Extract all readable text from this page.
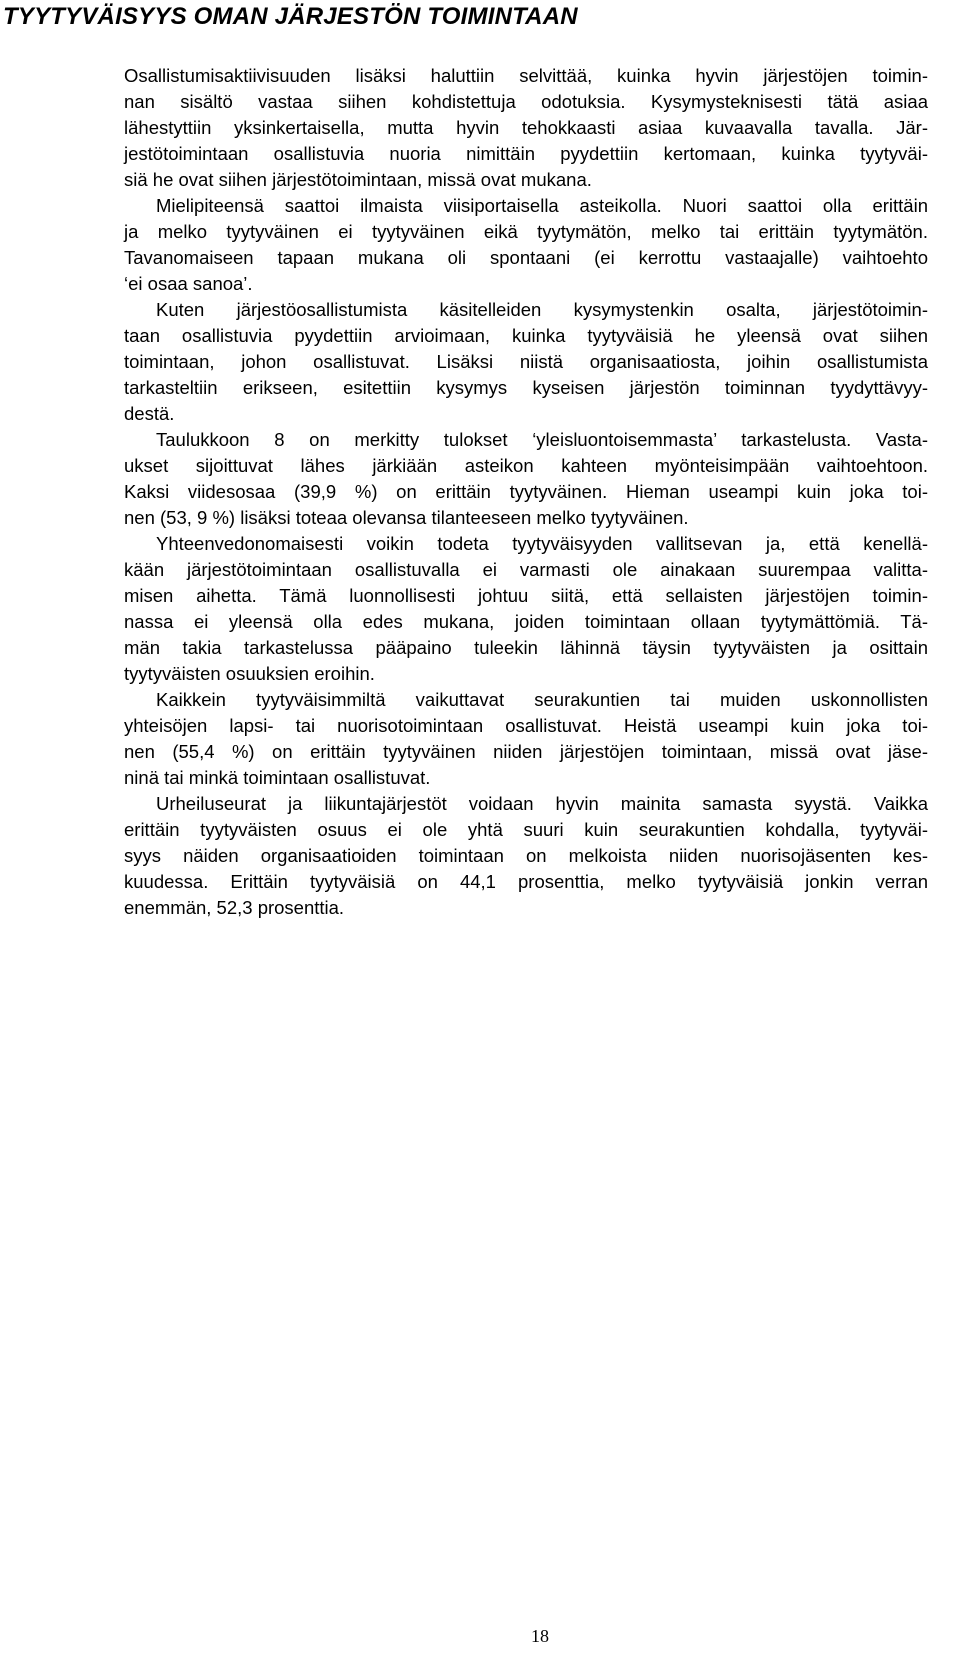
TYYTYVÄISYYS OMAN JÄRJESTÖN TOIMINTAAN
Osallistumisaktiivisuuden lisäksi haluttiin selvittää, kuinka hyvin järjestöjen toimin-
nan sisältö vastaa siihen kohdistettuja odotuksia. Kysymysteknisesti tätä asiaa
lähestyttiin yksinkertaisella, mutta hyvin tehokkaasti asiaa kuvaavalla tavalla. Jär-
jestötoimintaan osallistuvia nuoria nimittäin pyydettiin kertomaan, kuinka tyytyväi-
siä he ovat siihen järjestötoimintaan, missä ovat mukana.
Mielipiteensä saattoi ilmaista viisiportaisella asteikolla. Nuori saattoi olla erittäin
ja melko tyytyväinen ei tyytyväinen eikä tyytymätön, melko tai erittäin tyytymätön.
Tavanomaiseen tapaan mukana oli spontaani (ei kerrottu vastaajalle) vaihtoehto
‘ei osaa sanoa’.
Kuten järjestöosallistumista käsitelleiden kysymystenkin osalta, järjestötoimin-
taan osallistuvia pyydettiin arvioimaan, kuinka tyytyväisiä he yleensä ovat siihen
toimintaan, johon osallistuvat. Lisäksi niistä organisaatiosta, joihin osallistumista
tarkasteltiin erikseen, esitettiin kysymys kyseisen järjestön toiminnan tyydyttävyy-
destä.
Taulukkoon 8 on merkitty tulokset ‘yleisluontoisemmasta’ tarkastelusta. Vasta-
ukset sijoittuvat lähes järkiään asteikon kahteen myönteisimpään vaihtoehtoon.
Kaksi viidesosaa (39,9 %) on erittäin tyytyväinen. Hieman useampi kuin joka toi-
nen (53, 9 %) lisäksi toteaa olevansa tilanteeseen melko tyytyväinen.
Yhteenvedonomaisesti voikin todeta tyytyväisyyden vallitsevan ja, että kenellä-
kään järjestötoimintaan osallistuvalla ei varmasti ole ainakaan suurempaa valitta-
misen aihetta. Tämä luonnollisesti johtuu siitä, että sellaisten järjestöjen toimin-
nassa ei yleensä olla edes mukana, joiden toimintaan ollaan tyytymättömiä. Tä-
män takia tarkastelussa pääpaino tuleekin lähinnä täysin tyytyväisten ja osittain
tyytyväisten osuuksien eroihin.
Kaikkein tyytyväisimmiltä vaikuttavat seurakuntien tai muiden uskonnollisten
yhteisöjen lapsi- tai nuorisotoimintaan osallistuvat. Heistä useampi kuin joka toi-
nen (55,4 %) on erittäin tyytyväinen niiden järjestöjen toimintaan, missä ovat jäse-
ninä tai minkä toimintaan osallistuvat.
Urheiluseurat ja liikuntajärjestöt voidaan hyvin mainita samasta syystä. Vaikka
erittäin tyytyväisten osuus ei ole yhtä suuri kuin seurakuntien kohdalla, tyytyväi-
syys näiden organisaatioiden toimintaan on melkoista niiden nuorisojäsenten kes-
kuudessa. Erittäin tyytyväisiä on 44,1 prosenttia, melko tyytyväisiä jonkin verran
enemmän, 52,3 prosenttia.
18
